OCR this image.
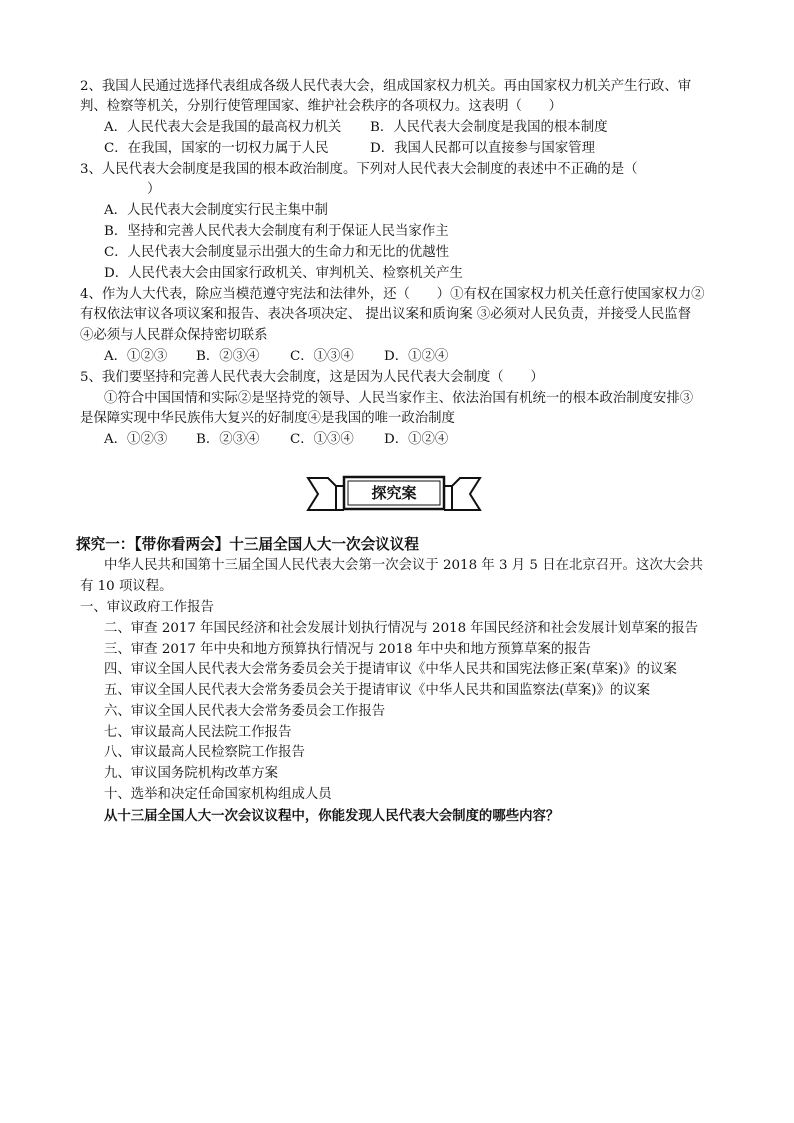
2、我国人民通过选择代表组成各级人民代表大会，组成国家权力机关。再由国家权力机关产生行政、审
判、检察等机关，分别行使管理国家、维护社会秩序的各项权力。这表明（　　）
A．人民代表大会是我国的最高权力机关 B．人民代表大会制度是我国的根本制度
C．在我国，国家的一切权力属于人民	D．我国人民都可以直接参与国家管理
3、人民代表大会制度是我国的根本政治制度。下列对人民代表大会制度的表述中不正确的是（
）
A．人民代表大会制度实行民主集中制
B．坚持和完善人民代表大会制度有利于保证人民当家作主
C．人民代表大会制度显示出强大的生命力和无比的优越性
D．人民代表大会由国家行政机关、审判机关、检察机关产生
4、作为人大代表，除应当模范遵守宪法和法律外，还（　　）①有权在国家权力机关任意行使国家权力②
有权依法审议各项议案和报告、表决各项决定、 提出议案和质询案 ③必须对人民负责，并接受人民监督
④必须与人民群众保持密切联系
A．①②③ B．②③④ C．①③④ D．①②④
5、我们要坚持和完善人民代表大会制度，这是因为人民代表大会制度（　　）
①符合中国国情和实际②是坚持党的领导、人民当家作主、依法治国有机统一的根本政治制度安排③
是保障实现中华民族伟大复兴的好制度④是我国的唯一政治制度
A．①②③ B．②③④ C．①③④ D．①②④
探究案
探究一：【带你看两会】十三届全国人大一次会议议程
中华人民共和国第十三届全国人民代表大会第一次会议于 2018 年 3 月 5 日在北京召开。这次大会共
有 10 项议程。
一、审议政府工作报告
二、审查 2017 年国民经济和社会发展计划执行情况与 2018 年国民经济和社会发展计划草案的报告
三、审查 2017 年中央和地方预算执行情况与 2018 年中央和地方预算草案的报告
四、审议全国人民代表大会常务委员会关于提请审议《中华人民共和国宪法修正案(草案)》的议案
五、审议全国人民代表大会常务委员会关于提请审议《中华人民共和国监察法(草案)》的议案
六、审议全国人民代表大会常务委员会工作报告
七、审议最高人民法院工作报告
八、审议最高人民检察院工作报告
九、审议国务院机构改革方案
十、选举和决定任命国家机构组成人员
从十三届全国人大一次会议议程中，你能发现人民代表大会制度的哪些内容？
